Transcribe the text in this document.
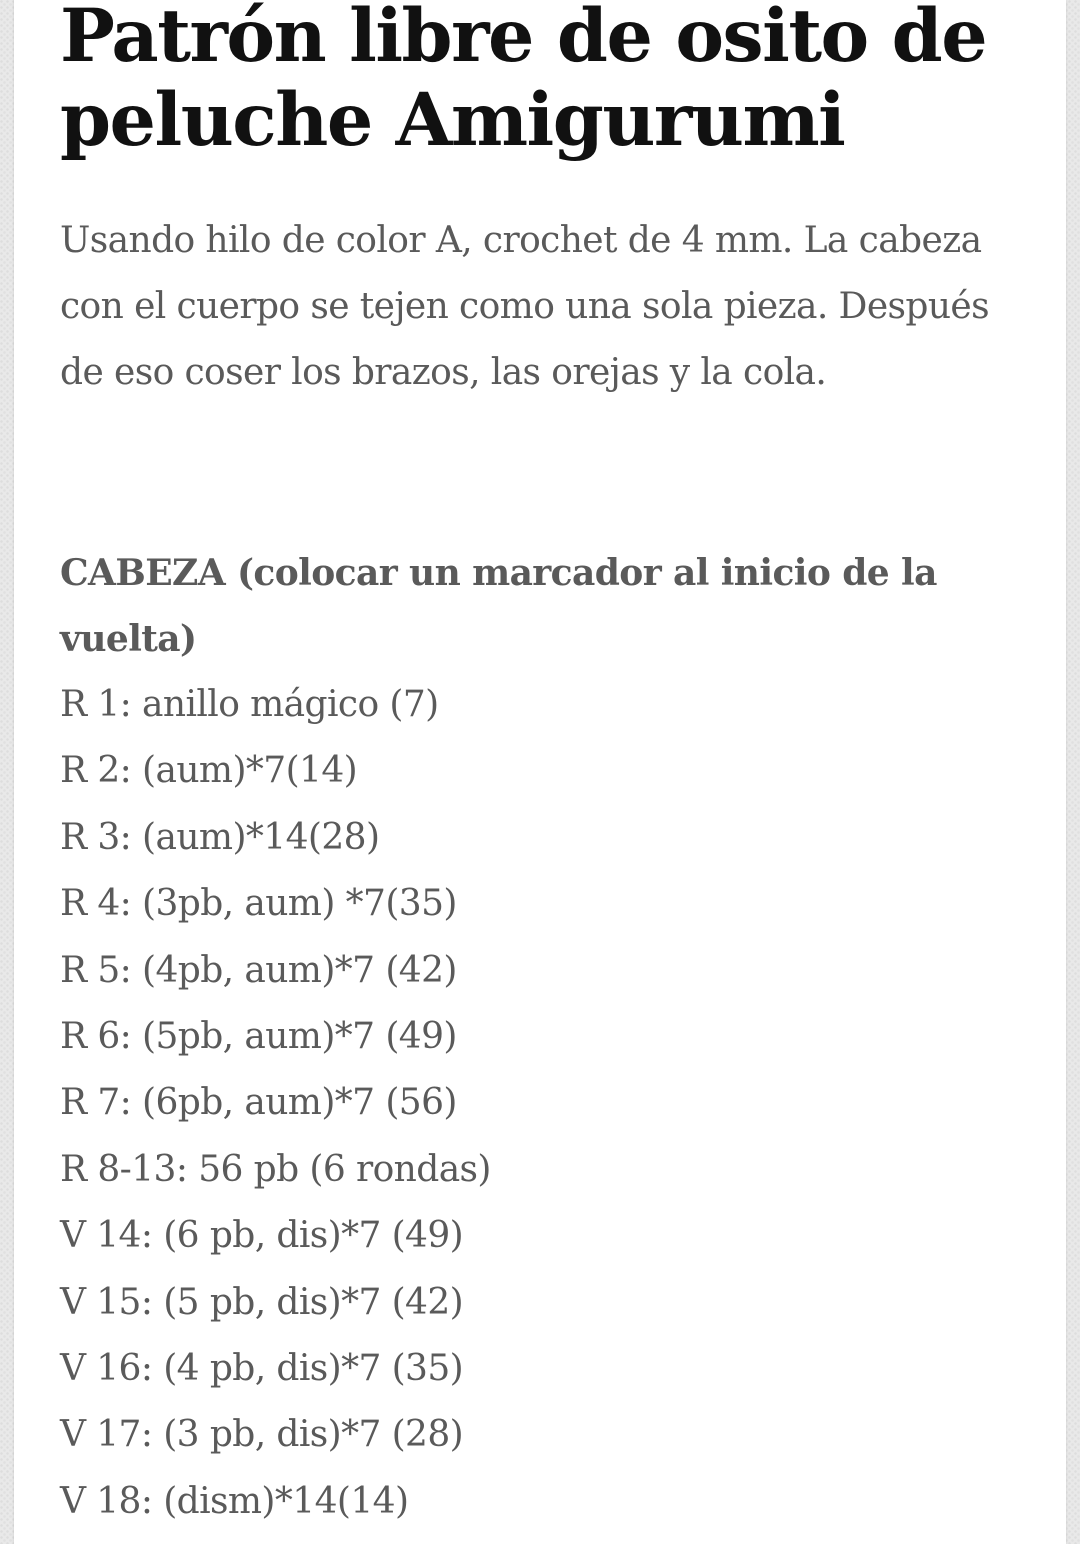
Patrón libre de osito de peluche Amigurumi

Usando hilo de color A, crochet de 4 mm. La cabeza con el cuerpo se tejen como una sola pieza. Después de eso coser los brazos, las orejas y la cola.

CABEZA (colocar un marcador al inicio de la vuelta)

R 1: anillo mágico (7)
R 2: (aum)*7(14)
R 3: (aum)*14(28)
R 4: (3pb, aum) *7(35)
R 5: (4pb, aum)*7 (42)
R 6: (5pb, aum)*7 (49)
R 7: (6pb, aum)*7 (56)
R 8-13: 56 pb (6 rondas)
V 14: (6 pb, dis)*7 (49)
V 15: (5 pb, dis)*7 (42)
V 16: (4 pb, dis)*7 (35)
V 17: (3 pb, dis)*7 (28)
V 18: (dism)*14(14)
